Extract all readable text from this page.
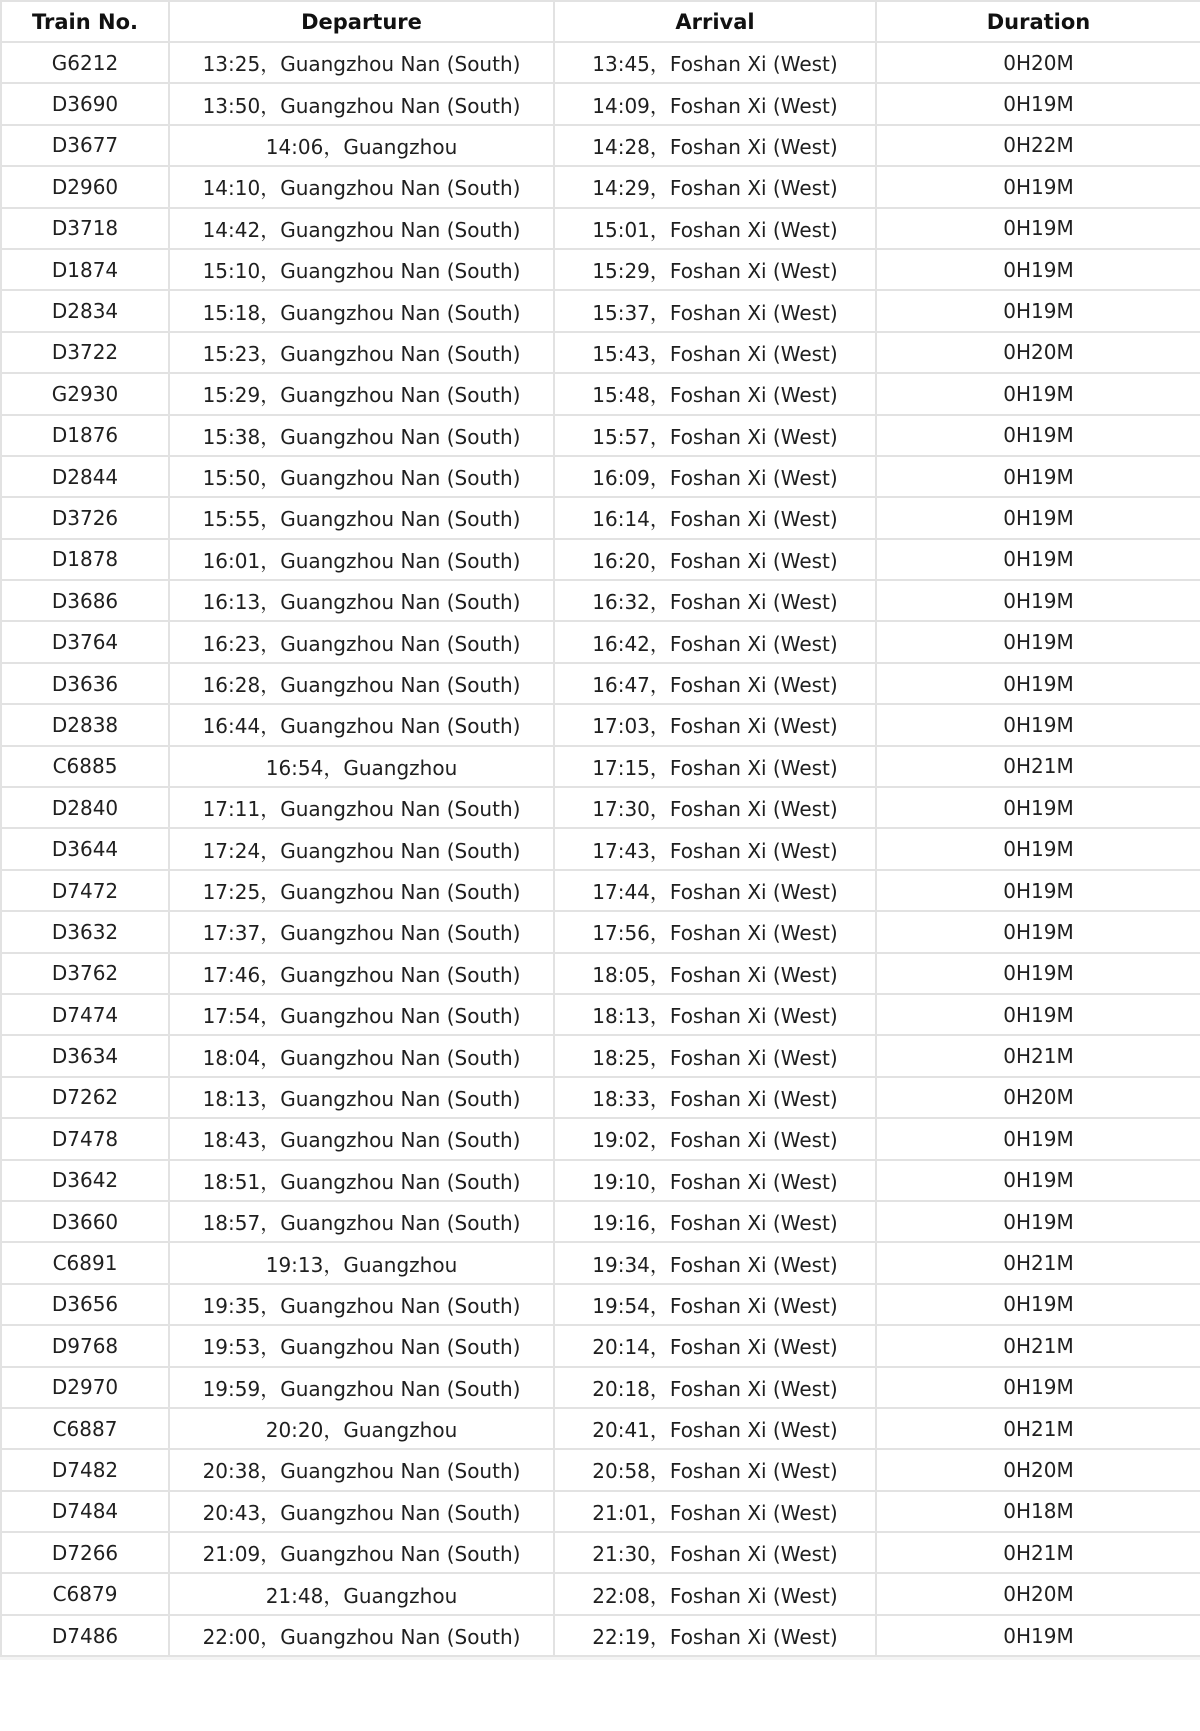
Train No.	Departure	Arrival	Duration
G6212	13:25，Guangzhou Nan (South)	13:45，Foshan Xi (West)	0H20M
D3690	13:50，Guangzhou Nan (South)	14:09，Foshan Xi (West)	0H19M
D3677	14:06，Guangzhou	14:28，Foshan Xi (West)	0H22M
D2960	14:10，Guangzhou Nan (South)	14:29，Foshan Xi (West)	0H19M
D3718	14:42，Guangzhou Nan (South)	15:01，Foshan Xi (West)	0H19M
D1874	15:10，Guangzhou Nan (South)	15:29，Foshan Xi (West)	0H19M
D2834	15:18，Guangzhou Nan (South)	15:37，Foshan Xi (West)	0H19M
D3722	15:23，Guangzhou Nan (South)	15:43，Foshan Xi (West)	0H20M
G2930	15:29，Guangzhou Nan (South)	15:48，Foshan Xi (West)	0H19M
D1876	15:38，Guangzhou Nan (South)	15:57，Foshan Xi (West)	0H19M
D2844	15:50，Guangzhou Nan (South)	16:09，Foshan Xi (West)	0H19M
D3726	15:55，Guangzhou Nan (South)	16:14，Foshan Xi (West)	0H19M
D1878	16:01，Guangzhou Nan (South)	16:20，Foshan Xi (West)	0H19M
D3686	16:13，Guangzhou Nan (South)	16:32，Foshan Xi (West)	0H19M
D3764	16:23，Guangzhou Nan (South)	16:42，Foshan Xi (West)	0H19M
D3636	16:28，Guangzhou Nan (South)	16:47，Foshan Xi (West)	0H19M
D2838	16:44，Guangzhou Nan (South)	17:03，Foshan Xi (West)	0H19M
C6885	16:54，Guangzhou	17:15，Foshan Xi (West)	0H21M
D2840	17:11，Guangzhou Nan (South)	17:30，Foshan Xi (West)	0H19M
D3644	17:24，Guangzhou Nan (South)	17:43，Foshan Xi (West)	0H19M
D7472	17:25，Guangzhou Nan (South)	17:44，Foshan Xi (West)	0H19M
D3632	17:37，Guangzhou Nan (South)	17:56，Foshan Xi (West)	0H19M
D3762	17:46，Guangzhou Nan (South)	18:05，Foshan Xi (West)	0H19M
D7474	17:54，Guangzhou Nan (South)	18:13，Foshan Xi (West)	0H19M
D3634	18:04，Guangzhou Nan (South)	18:25，Foshan Xi (West)	0H21M
D7262	18:13，Guangzhou Nan (South)	18:33，Foshan Xi (West)	0H20M
D7478	18:43，Guangzhou Nan (South)	19:02，Foshan Xi (West)	0H19M
D3642	18:51，Guangzhou Nan (South)	19:10，Foshan Xi (West)	0H19M
D3660	18:57，Guangzhou Nan (South)	19:16，Foshan Xi (West)	0H19M
C6891	19:13，Guangzhou	19:34，Foshan Xi (West)	0H21M
D3656	19:35，Guangzhou Nan (South)	19:54，Foshan Xi (West)	0H19M
D9768	19:53，Guangzhou Nan (South)	20:14，Foshan Xi (West)	0H21M
D2970	19:59，Guangzhou Nan (South)	20:18，Foshan Xi (West)	0H19M
C6887	20:20，Guangzhou	20:41，Foshan Xi (West)	0H21M
D7482	20:38，Guangzhou Nan (South)	20:58，Foshan Xi (West)	0H20M
D7484	20:43，Guangzhou Nan (South)	21:01，Foshan Xi (West)	0H18M
D7266	21:09，Guangzhou Nan (South)	21:30，Foshan Xi (West)	0H21M
C6879	21:48，Guangzhou	22:08，Foshan Xi (West)	0H20M
D7486	22:00，Guangzhou Nan (South)	22:19，Foshan Xi (West)	0H19M
